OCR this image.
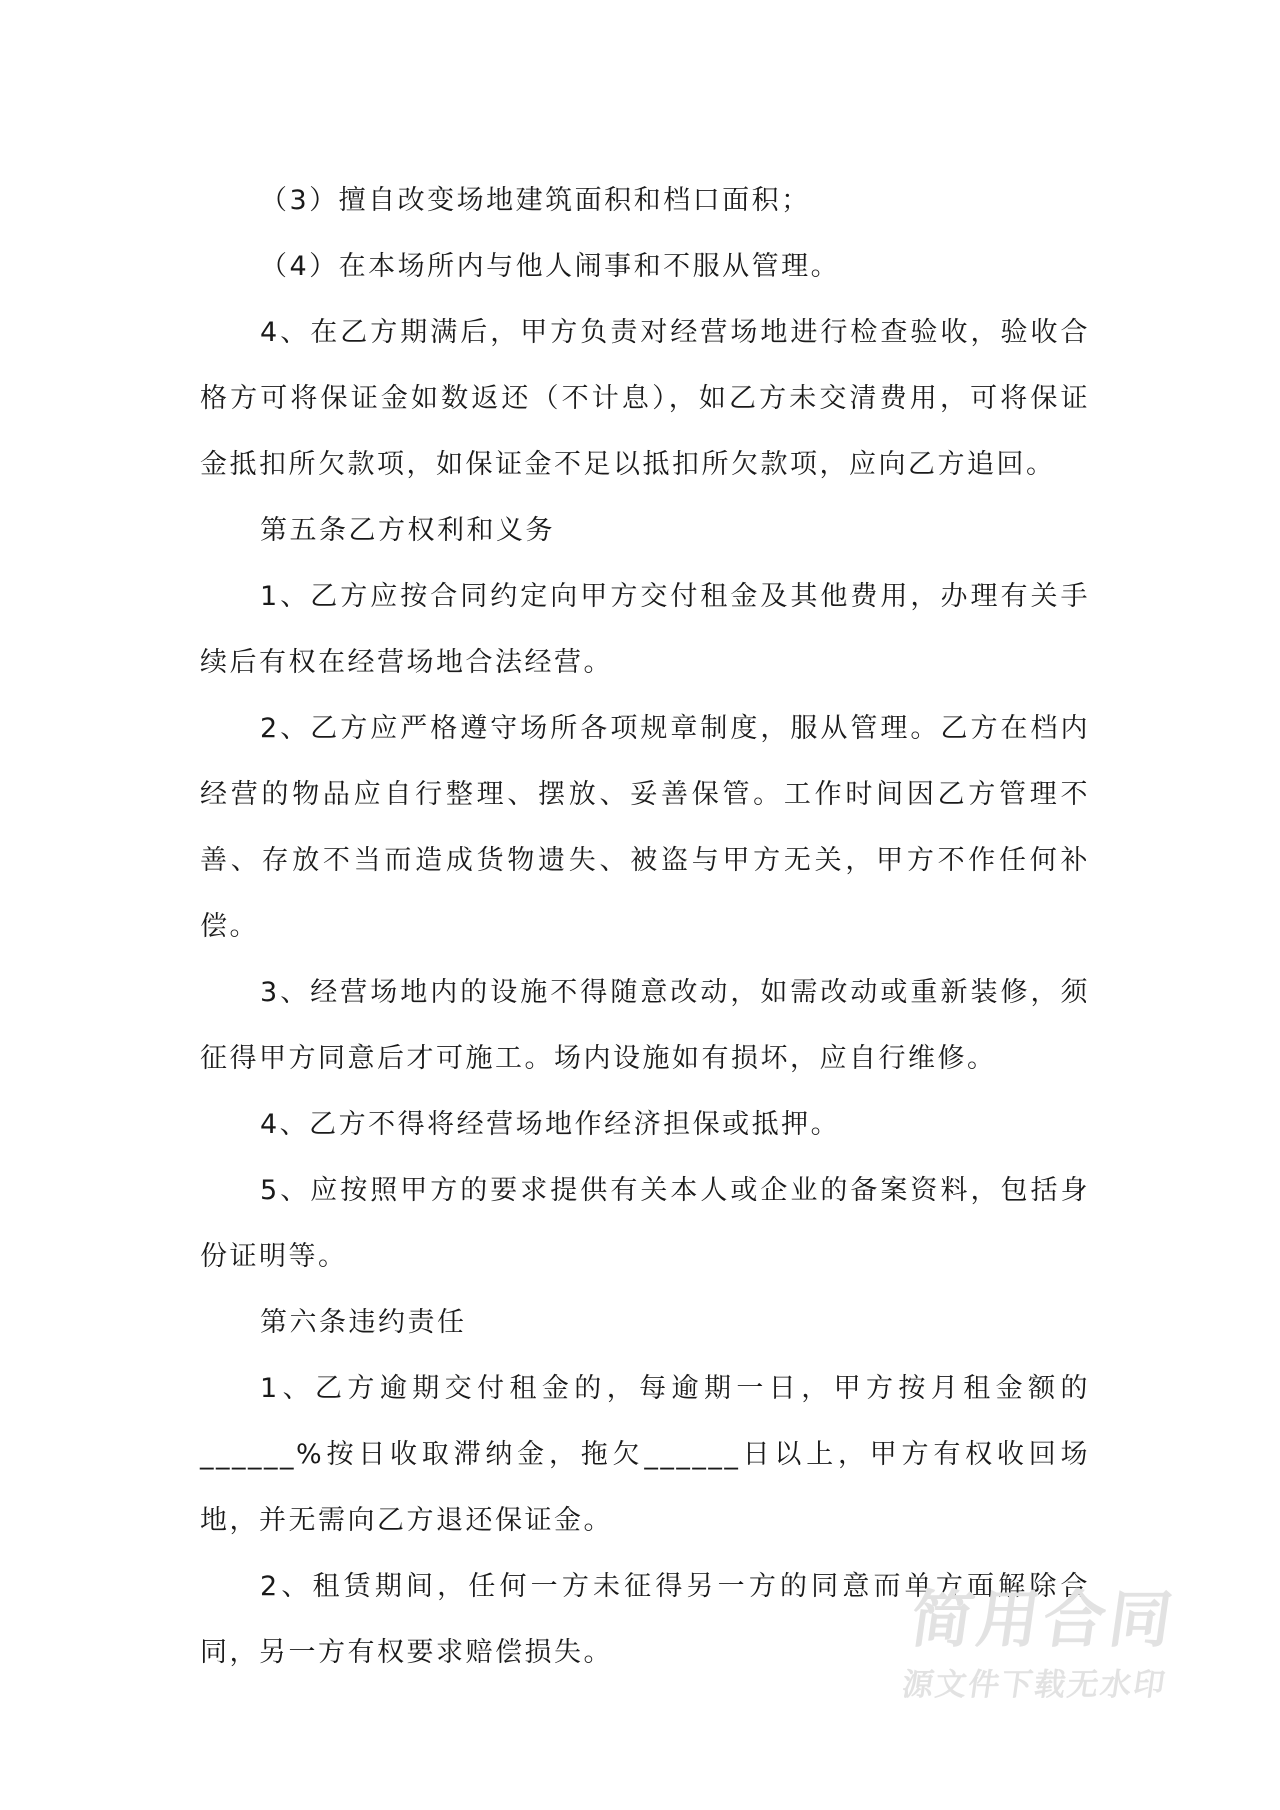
（3）擅自改变场地建筑面积和档口面积；

（4）在本场所内与他人闹事和不服从管理。

4、在乙方期满后，甲方负责对经营场地进行检查验收，验收合格方可将保证金如数返还（不计息），如乙方未交清费用，可将保证金抵扣所欠款项，如保证金不足以抵扣所欠款项，应向乙方追回。

第五条乙方权利和义务

1、乙方应按合同约定向甲方交付租金及其他费用，办理有关手续后有权在经营场地合法经营。

2、乙方应严格遵守场所各项规章制度，服从管理。乙方在档内经营的物品应自行整理、摆放、妥善保管。工作时间因乙方管理不善、存放不当而造成货物遗失、被盗与甲方无关，甲方不作任何补偿。

3、经营场地内的设施不得随意改动，如需改动或重新装修，须征得甲方同意后才可施工。场内设施如有损坏，应自行维修。

4、乙方不得将经营场地作经济担保或抵押。

5、应按照甲方的要求提供有关本人或企业的备案资料，包括身份证明等。

第六条违约责任

1、乙方逾期交付租金的，每逾期一日，甲方按月租金额的______%按日收取滞纳金，拖欠______日以上，甲方有权收回场地，并无需向乙方退还保证金。

2、租赁期间，任何一方未征得另一方的同意而单方面解除合同，另一方有权要求赔偿损失。	简用合同
源文件下载无水印
